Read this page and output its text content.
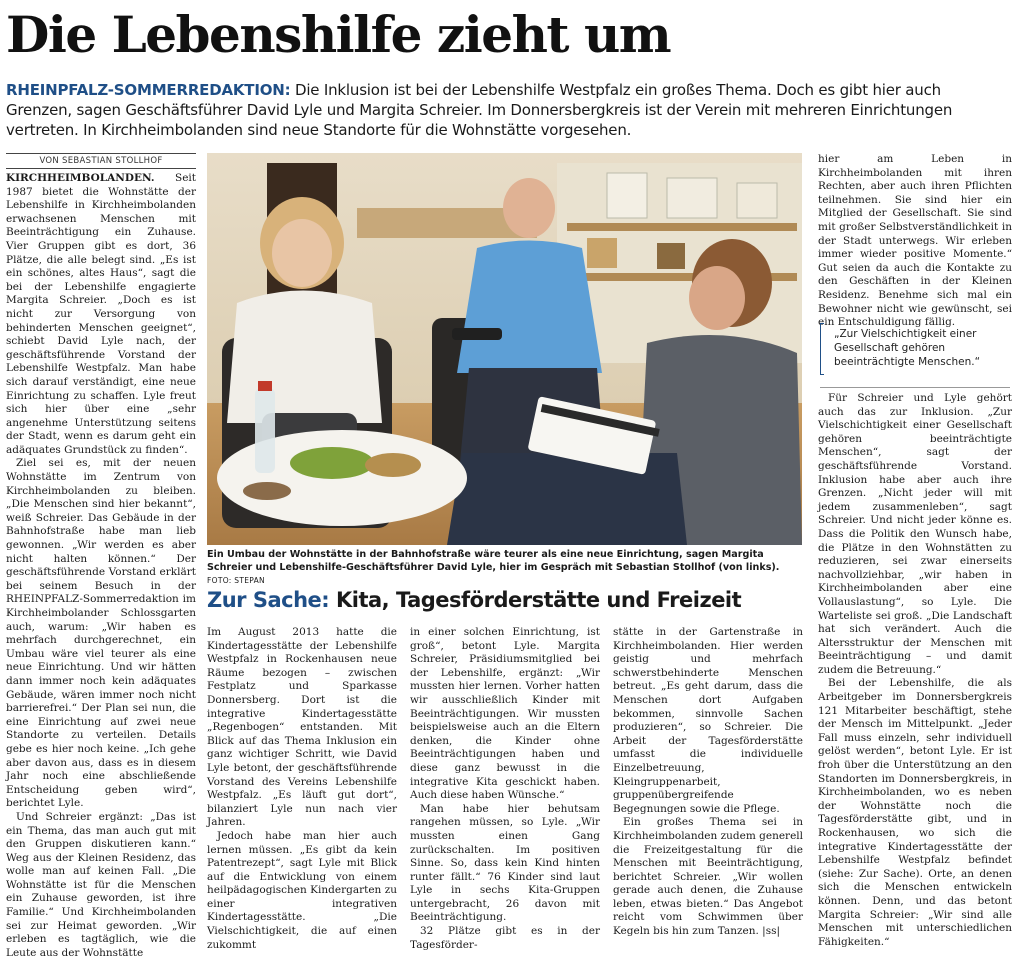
Die Lebenshilfe zieht um
RHEINPFALZ-SOMMERREDAKTION: Die Inklusion ist bei der Lebenshilfe Westpfalz ein großes Thema. Doch es gibt hier auch Grenzen, sagen Geschäftsführer David Lyle und Margita Schreier. Im Donnersbergkreis ist der Verein mit mehreren Einrichtungen vertreten. In Kirchheimbolanden sind neue Standorte für die Wohnstätte vorgesehen.
VON SEBASTIAN STOLLHOF

KIRCHHEIMBOLANDEN. Seit 1987 bietet die Wohnstätte der Lebenshilfe in Kirchheimbolanden erwachsenen Menschen mit Beeinträchtigung ein Zuhause. Vier Gruppen gibt es dort, 36 Plätze, die alle belegt sind. „Es ist ein schönes, altes Haus“, sagt die bei der Lebenshilfe engagierte Margita Schreier. „Doch es ist nicht zur Versorgung von behinderten Menschen geeignet“, schiebt David Lyle nach, der geschäftsführende Vorstand der Lebenshilfe Westpfalz. Man habe sich darauf verständigt, eine neue Einrichtung zu schaffen. Lyle freut sich hier über eine „sehr angenehme Unterstützung seitens der Stadt, wenn es darum geht ein adäquates Grundstück zu finden“.

Ziel sei es, mit der neuen Wohnstätte im Zentrum von Kirchheimbolanden zu bleiben. „Die Menschen sind hier bekannt“, weiß Schreier. Das Gebäude in der Bahnhofstraße habe man lieb gewonnen. „Wir werden es aber nicht halten können.“ Der geschäftsführende Vorstand erklärt bei seinem Besuch in der RHEINPFALZ-Sommerredaktion im Kirchheimbolander Schlossgarten auch, warum: „Wir haben es mehrfach durchgerechnet, ein Umbau wäre viel teurer als eine neue Einrichtung. Und wir hätten dann immer noch kein adäquates Gebäude, wären immer noch nicht barrierefrei.“ Der Plan sei nun, die eine Einrichtung auf zwei neue Standorte zu verteilen. Details gebe es hier noch keine. „Ich gehe aber davon aus, dass es in diesem Jahr noch eine abschließende Entscheidung geben wird“, berichtet Lyle.

Und Schreier ergänzt: „Das ist ein Thema, das man auch gut mit den Gruppen diskutieren kann.“ Weg aus der Kleinen Residenz, das wolle man auf keinen Fall. „Die Wohnstätte ist für die Menschen ein Zuhause geworden, ist ihre Familie.“ Und Kirchheimbolanden sei zur Heimat geworden. „Wir erleben es tagtäglich, wie die Leute aus der Wohnstätte

Ein Umbau der Wohnstätte in der Bahnhofstraße wäre teurer als eine neue Einrichtung, sagen Margita Schreier und Lebenshilfe-Geschäftsführer David Lyle, hier im Gespräch mit Sebastian Stollhof (von links). FOTO: STEPAN
Zur Sache: Kita, Tagesförderstätte und Freizeit

Im August 2013 hatte die Kindertagesstätte der Lebenshilfe Westpfalz in Rockenhausen neue Räume bezogen – zwischen Festplatz und Sparkasse Donnersberg. Dort ist die integrative Kindertagesstätte „Regenbogen“ entstanden. Mit Blick auf das Thema Inklusion ein ganz wichtiger Schritt, wie David Lyle betont, der geschäftsführende Vorstand des Vereins Lebenshilfe Westpfalz. „Es läuft gut dort“, bilanziert Lyle nun nach vier Jahren.

Jedoch habe man hier auch lernen müssen. „Es gibt da kein Patentrezept“, sagt Lyle mit Blick auf die Entwicklung von einem heilpädagogischen Kindergarten zu einer integrativen Kindertagesstätte. „Die Vielschichtigkeit, die auf einen zukommt

in einer solchen Einrichtung, ist groß“, betont Lyle. Margita Schreier, Präsidiumsmitglied bei der Lebenshilfe, ergänzt: „Wir mussten hier lernen. Vorher hatten wir ausschließlich Kinder mit Beeinträchtigungen. Wir mussten beispielsweise auch an die Eltern denken, die Kinder ohne Beeinträchtigungen haben und diese ganz bewusst in die integrative Kita geschickt haben. Auch diese haben Wünsche.“

Man habe hier behutsam rangehen müssen, so Lyle. „Wir mussten einen Gang zurückschalten. Im positiven Sinne. So, dass kein Kind hinten runter fällt.“ 76 Kinder sind laut Lyle in sechs Kita-Gruppen untergebracht, 26 davon mit Beeinträchtigung.

32 Plätze gibt es in der Tagesförder-

stätte in der Gartenstraße in Kirchheimbolanden. Hier werden geistig und mehrfach schwerstbehinderte Menschen betreut. „Es geht darum, dass die Menschen dort Aufgaben bekommen, sinnvolle Sachen produzieren“, so Schreier. Die Arbeit der Tagesförderstätte umfasst die individuelle Einzelbetreuung, Kleingruppenarbeit, gruppenübergreifende Begegnungen sowie die Pflege.

Ein großes Thema sei in Kirchheimbolanden zudem generell die Freizeitgestaltung für die Menschen mit Beeinträchtigung, berichtet Schreier. „Wir wollen gerade auch denen, die Zuhause leben, etwas bieten.“ Das Angebot reicht vom Schwimmen über Kegeln bis hin zum Tanzen. |ss|

hier am Leben in Kirchheimbolanden mit ihren Rechten, aber auch ihren Pflichten teilnehmen. Sie sind hier ein Mitglied der Gesellschaft. Sie sind mit großer Selbstverständlichkeit in der Stadt unterwegs. Wir erleben immer wieder positive Momente.“ Gut seien da auch die Kontakte zu den Geschäften in der Kleinen Residenz. Benehme sich mal ein Bewohner nicht wie gewünscht, sei ein Entschuldigung fällig.

„Zur Vielschichtigkeit einer Gesellschaft gehören beeinträchtigte Menschen.“

Für Schreier und Lyle gehört auch das zur Inklusion. „Zur Vielschichtigkeit einer Gesellschaft gehören beeinträchtigte Menschen“, sagt der geschäftsführende Vorstand. Inklusion habe aber auch ihre Grenzen. „Nicht jeder will mit jedem zusammenleben“, sagt Schreier. Und nicht jeder könne es. Dass die Politik den Wunsch habe, die Plätze in den Wohnstätten zu reduzieren, sei zwar einerseits nachvollziehbar, „wir haben in Kirchheimbolanden aber eine Vollauslastung“, so Lyle. Die Warteliste sei groß. „Die Landschaft hat sich verändert. Auch die Altersstruktur der Menschen mit Beeinträchtigung – und damit zudem die Betreuung.“

Bei der Lebenshilfe, die als Arbeitgeber im Donnersbergkreis 121 Mitarbeiter beschäftigt, stehe der Mensch im Mittelpunkt. „Jeder Fall muss einzeln, sehr individuell gelöst werden“, betont Lyle. Er ist froh über die Unterstützung an den Standorten im Donnersbergkreis, in Kirchheimbolanden, wo es neben der Wohnstätte noch die Tagesförderstätte gibt, und in Rockenhausen, wo sich die integrative Kindertagesstätte der Lebenshilfe Westpfalz befindet (siehe: Zur Sache). Orte, an denen sich die Menschen entwickeln können. Denn, und das betont Margita Schreier: „Wir sind alle Menschen mit unterschiedlichen Fähigkeiten.“
